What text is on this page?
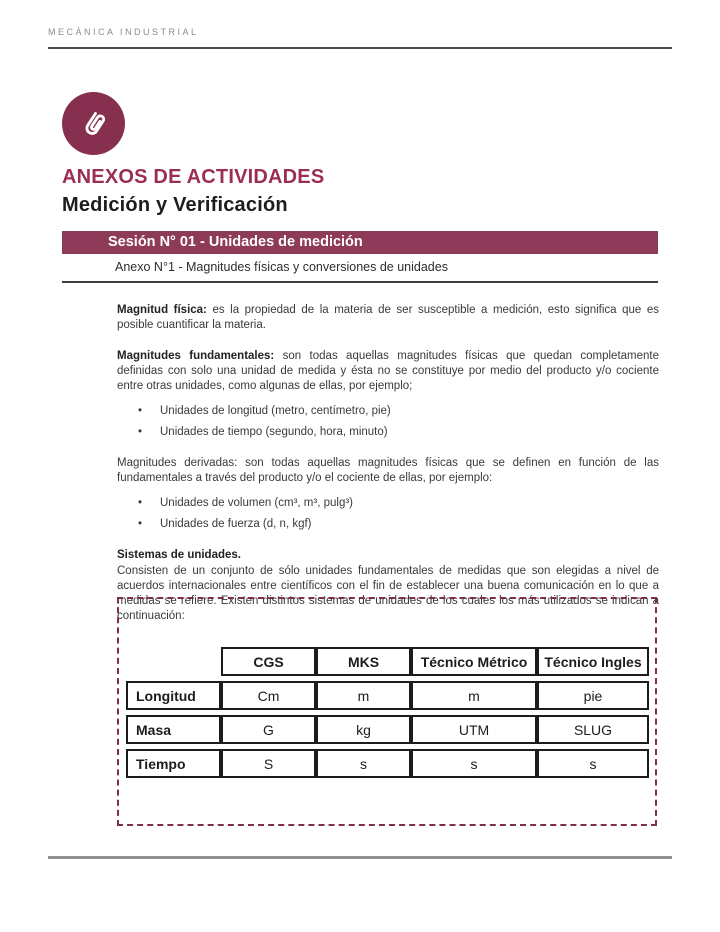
MECÁNICA INDUSTRIAL
ANEXOS DE ACTIVIDADES
Medición y Verificación
Sesión N° 01 - Unidades de medición
Anexo N°1 - Magnitudes físicas y conversiones de unidades

Magnitud física: es la propiedad de la materia de ser susceptible a medición, esto significa que es posible cuantificar la materia.

Magnitudes fundamentales: son todas aquellas magnitudes físicas que quedan completamente definidas con solo una unidad de medida y ésta no se constituye por medio del producto y/o cociente entre otras unidades, como algunas de ellas, por ejemplo;

•	Unidades de longitud (metro, centímetro, pie)
•	Unidades de tiempo (segundo, hora, minuto)

Magnitudes derivadas: son todas aquellas magnitudes físicas que se definen en función de las fundamentales a través del producto y/o el cociente de ellas, por ejemplo:

•	Unidades de volumen (cm³, m³, pulg³)
•	Unidades de fuerza (d, n, kgf)

Sistemas de unidades.
Consisten de un conjunto de sólo unidades fundamentales de medidas que son elegidas a nivel de acuerdos internacionales entre científicos con el fin de establecer una buena comunicación en lo que a medidas se refiere. Existen distintos sistemas de unidades de los cuales los más utilizados se indican a continuación:

	CGS	MKS	Técnico Métrico	Técnico Ingles
Longitud	Cm	m	m	pie
Masa	G	kg	UTM	SLUG
Tiempo	S	s	s	s
